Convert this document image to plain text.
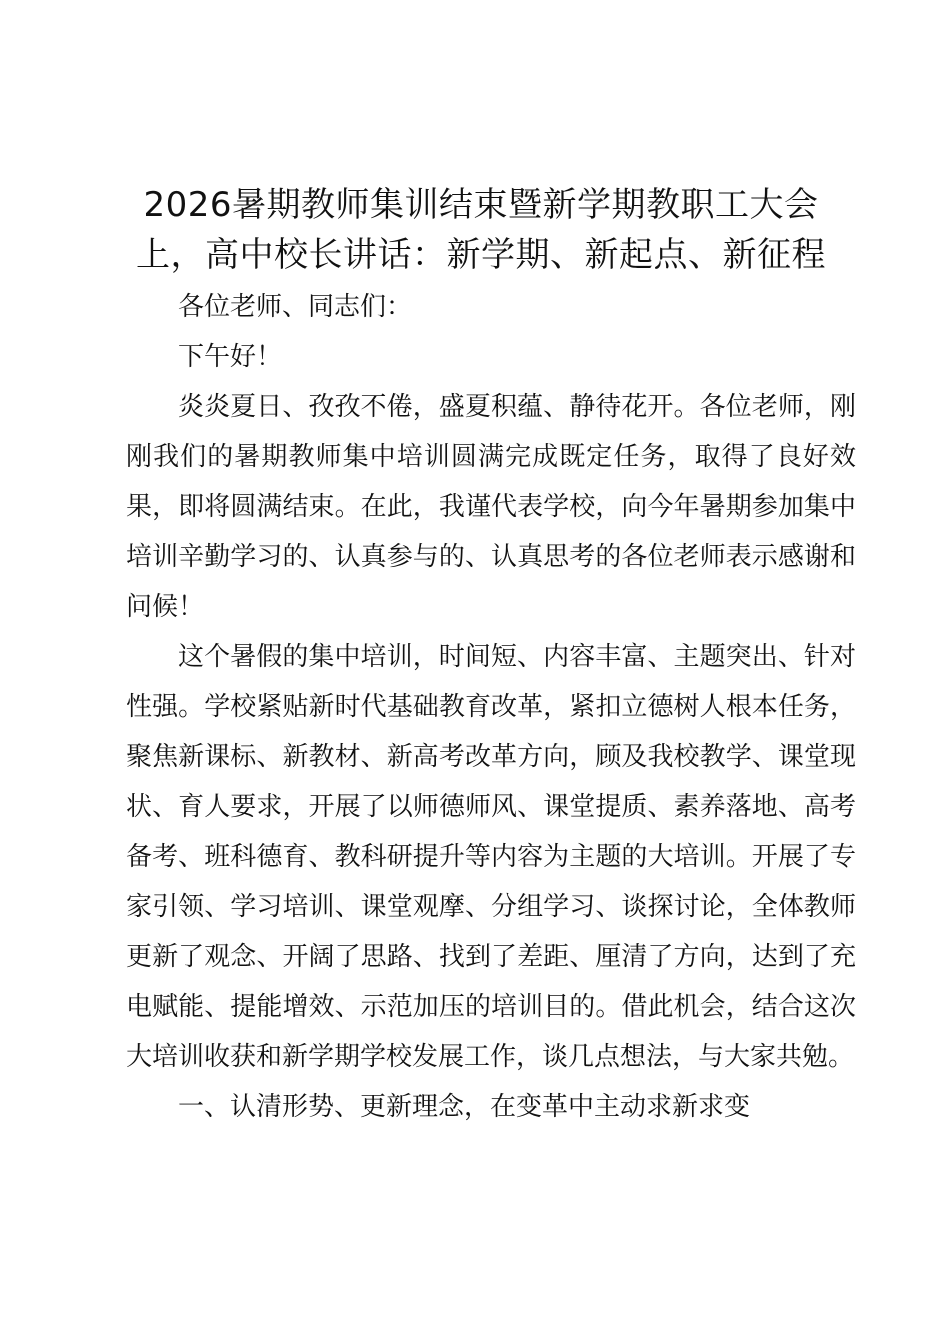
2026暑期教师集训结束暨新学期教职工大会上，高中校长讲话：新学期、新起点、新征程

各位老师、同志们：

下午好！

炎炎夏日、孜孜不倦，盛夏积蕴、静待花开。各位老师，刚刚我们的暑期教师集中培训圆满完成既定任务，取得了良好效果，即将圆满结束。在此，我谨代表学校，向今年暑期参加集中培训辛勤学习的、认真参与的、认真思考的各位老师表示感谢和问候！

这个暑假的集中培训，时间短、内容丰富、主题突出、针对性强。学校紧贴新时代基础教育改革，紧扣立德树人根本任务，聚焦新课标、新教材、新高考改革方向，顾及我校教学、课堂现状、育人要求，开展了以师德师风、课堂提质、素养落地、高考备考、班科德育、教科研提升等内容为主题的大培训。开展了专家引领、学习培训、课堂观摩、分组学习、谈探讨论，全体教师更新了观念、开阔了思路、找到了差距、厘清了方向，达到了充电赋能、提能增效、示范加压的培训目的。借此机会，结合这次大培训收获和新学期学校发展工作，谈几点想法，与大家共勉。

一、认清形势、更新理念，在变革中主动求新求变
